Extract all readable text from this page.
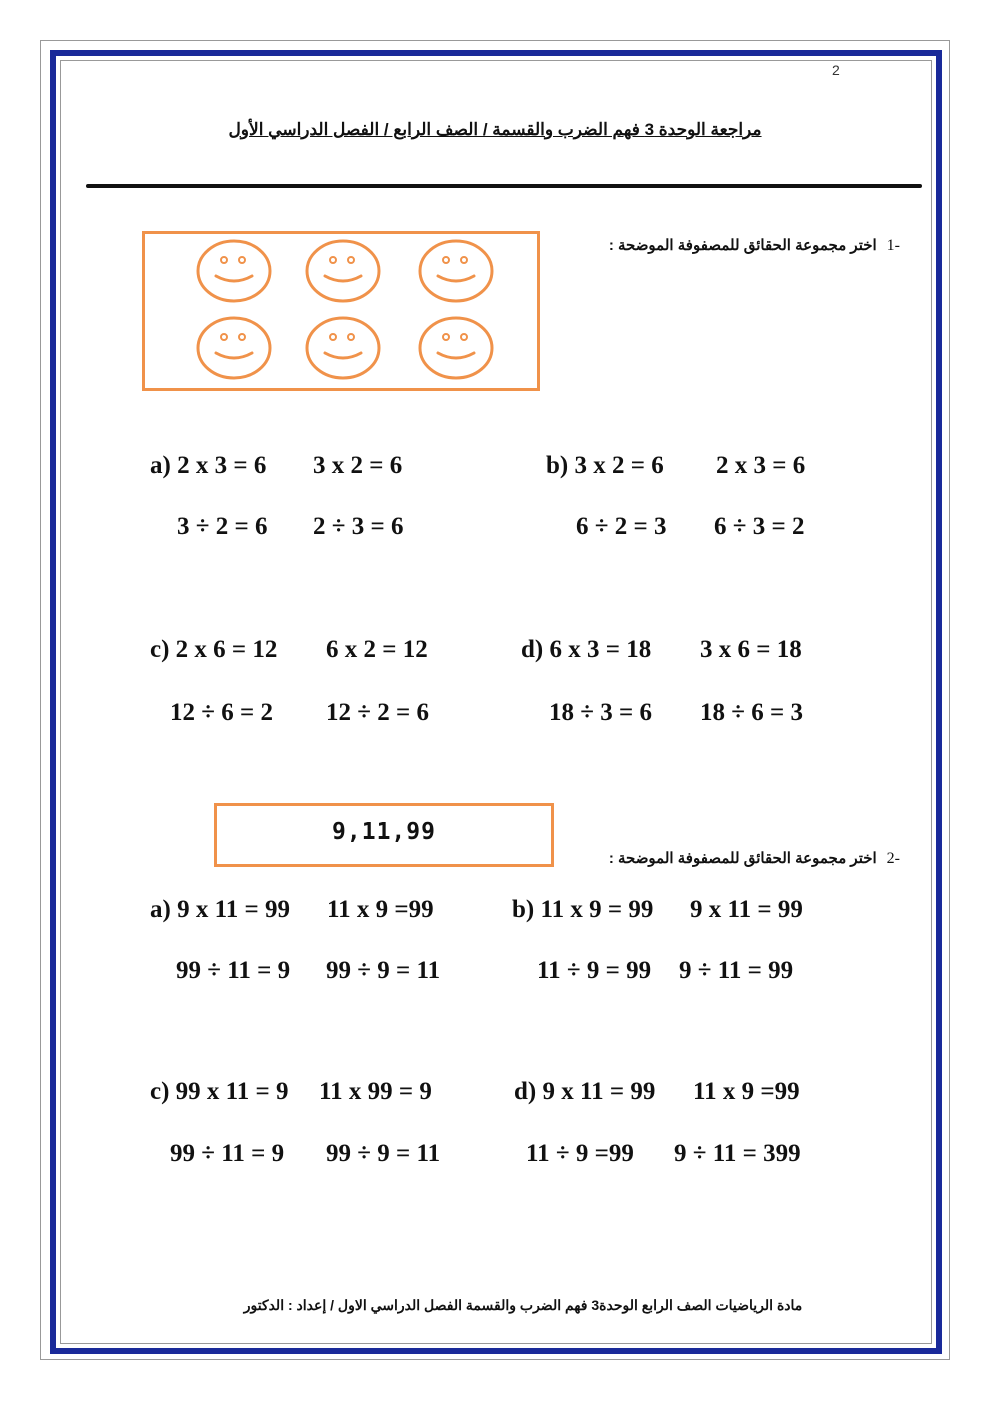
2
مراجعة الوحدة 3 فهم الضرب والقسمة / الصف الرابع / الفصل الدراسي الأول
-1اختر مجموعة الحقائق للمصفوفة الموضحة :
a) 2 x 3 = 6 3 x 2 = 6
3 ÷ 2 = 6 2 ÷ 3 = 6
b) 3 x 2 = 6 2 x 3 = 6
6 ÷ 2 = 3 6 ÷ 3 = 2
c) 2 x 6 = 12 6 x 2 = 12
12 ÷ 6 = 2 12 ÷ 2 = 6
d) 6 x 3 = 18 3 x 6 = 18
18 ÷ 3 = 6 18 ÷ 6 = 3
9,11,99
-2اختر مجموعة الحقائق للمصفوفة الموضحة :
a) 9 x 11 = 99 11 x 9 =99
99 ÷ 11 = 9 99 ÷ 9 = 11
b) 11 x 9 = 99 9 x 11 = 99
11 ÷ 9 = 99 9 ÷ 11 = 99
c) 99 x 11 = 9 11 x 99 = 9
99 ÷ 11 = 9 99 ÷ 9 = 11
d) 9 x 11 = 99 11 x 9 =99
11 ÷ 9 =99 9 ÷ 11 = 399
مادة الرياضيات الصف الرابع الوحدة3 فهم الضرب والقسمة الفصل الدراسي الاول / إعداد : الدكتور
